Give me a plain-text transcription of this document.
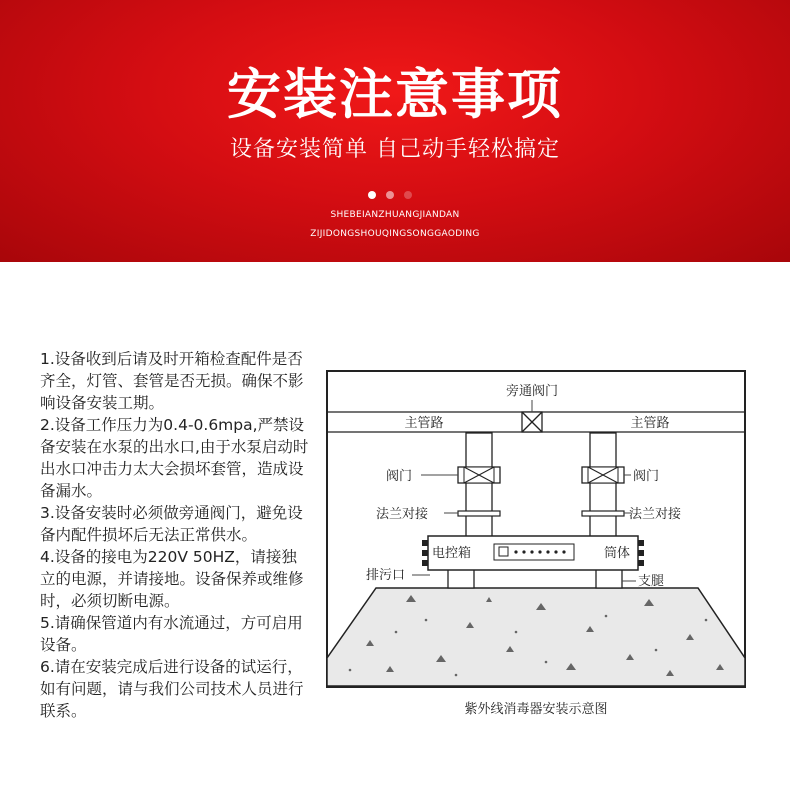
安装注意事项
设备安装简单 自己动手轻松搞定
SHEBEIANZHUANGJIANDAN
ZIJIDONGSHOUQINGSONGGAODING

1.设备收到后请及时开箱检查配件是否齐全，灯管、套管是否无损。确保不影响设备安装工期。

2.设备工作压力为0.4-0.6mpa,严禁设备安装在水泵的出水口,由于水泵启动时出水口冲击力太大会损坏套管，造成设备漏水。

3.设备安装时必须做旁通阀门，避免设备内配件损坏后无法正常供水。

4.设备的接电为220V 50HZ，请接独立的电源，并请接地。设备保养或维修时，必须切断电源。

5.请确保管道内有水流通过，方可启用设备。

6.请在安装完成后进行设备的试运行，如有问题，请与我们公司技术人员进行联系。

旁通阀门
主管路	主管路
阀门	阀门
法兰对接	法兰对接
电控箱	筒体
排污口	支腿
紫外线消毒器安装示意图
